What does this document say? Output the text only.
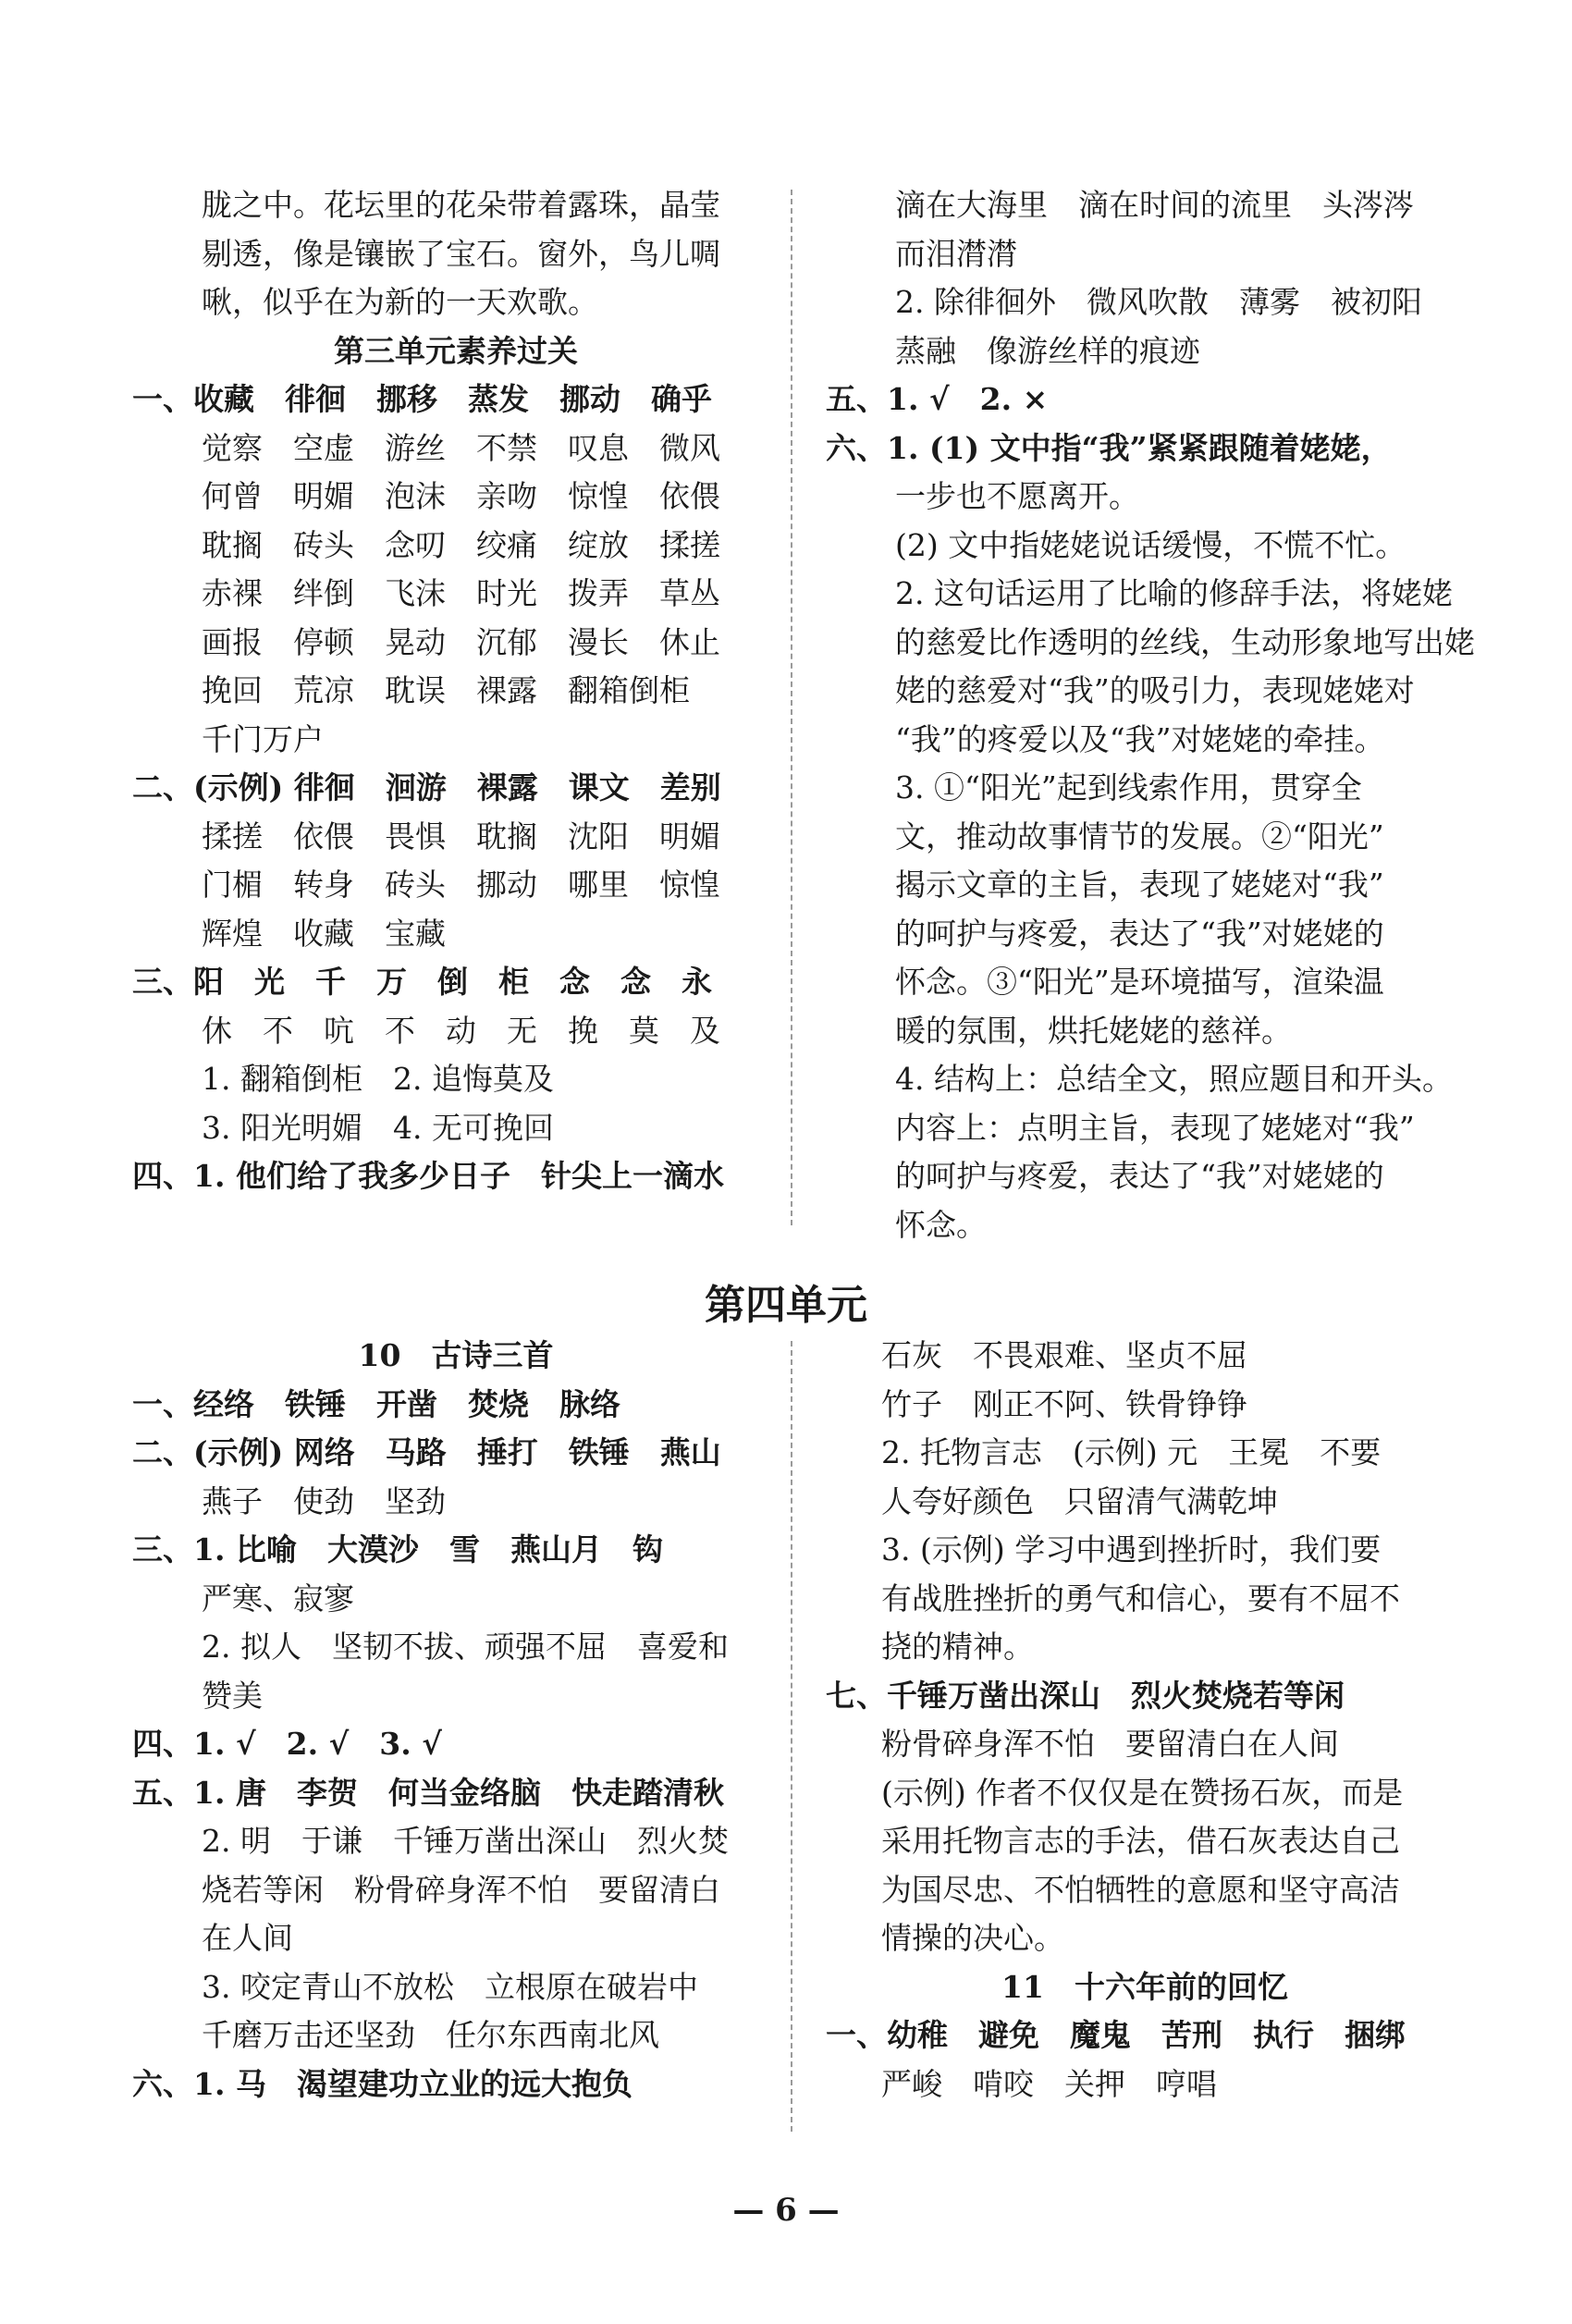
胧之中。花坛里的花朵带着露珠，晶莹
剔透，像是镶嵌了宝石。窗外，鸟儿啁
啾，似乎在为新的一天欢歌。
第三单元素养过关
一、收藏　徘徊　挪移　蒸发　挪动　确乎
觉察　空虚　游丝　不禁　叹息　微风
何曾　明媚　泡沫　亲吻　惊惶　依偎
耽搁　砖头　念叨　绞痛　绽放　揉搓
赤裸　绊倒　飞沫　时光　拨弄　草丛
画报　停顿　晃动　沉郁　漫长　休止
挽回　荒凉　耽误　裸露　翻箱倒柜
千门万户
二、(示例) 徘徊　洄游　裸露　课文　差别
揉搓　依偎　畏惧　耽搁　沈阳　明媚
门楣　转身　砖头　挪动　哪里　惊惶
辉煌　收藏　宝藏
三、阳　光　千　万　倒　柜　念　念　永
休　不　吭　不　动　无　挽　莫　及
1. 翻箱倒柜　2. 追悔莫及
3. 阳光明媚　4. 无可挽回
四、1. 他们给了我多少日子　针尖上一滴水
滴在大海里　滴在时间的流里　头涔涔
而泪潸潸
2. 除徘徊外　微风吹散　薄雾　被初阳
蒸融　像游丝样的痕迹
五、1. √　2. ×
六、1. (1) 文中指“我”紧紧跟随着姥姥，
一步也不愿离开。
(2) 文中指姥姥说话缓慢，不慌不忙。
2. 这句话运用了比喻的修辞手法，将姥姥
的慈爱比作透明的丝线，生动形象地写出姥
姥的慈爱对“我”的吸引力，表现姥姥对
“我”的疼爱以及“我”对姥姥的牵挂。
3. ①“阳光”起到线索作用，贯穿全
文，推动故事情节的发展。②“阳光”
揭示文章的主旨，表现了姥姥对“我”
的呵护与疼爱，表达了“我”对姥姥的
怀念。③“阳光”是环境描写，渲染温
暖的氛围，烘托姥姥的慈祥。
4. 结构上：总结全文，照应题目和开头。
内容上：点明主旨，表现了姥姥对“我”
的呵护与疼爱，表达了“我”对姥姥的
怀念。
第四单元
10　古诗三首
一、经络　铁锤　开凿　焚烧　脉络
二、(示例) 网络　马路　捶打　铁锤　燕山
燕子　使劲　坚劲
三、1. 比喻　大漠沙　雪　燕山月　钩
严寒、寂寥
2. 拟人　坚韧不拔、顽强不屈　喜爱和
赞美
四、1. √　2. √　3. √
五、1. 唐　李贺　何当金络脑　快走踏清秋
2. 明　于谦　千锤万凿出深山　烈火焚
烧若等闲　粉骨碎身浑不怕　要留清白
在人间
3. 咬定青山不放松　立根原在破岩中
千磨万击还坚劲　任尔东西南北风
六、1. 马　渴望建功立业的远大抱负
石灰　不畏艰难、坚贞不屈
竹子　刚正不阿、铁骨铮铮
2. 托物言志　(示例) 元　王冕　不要
人夸好颜色　只留清气满乾坤
3. (示例) 学习中遇到挫折时，我们要
有战胜挫折的勇气和信心，要有不屈不
挠的精神。
七、千锤万凿出深山　烈火焚烧若等闲
粉骨碎身浑不怕　要留清白在人间
(示例) 作者不仅仅是在赞扬石灰，而是
采用托物言志的手法，借石灰表达自己
为国尽忠、不怕牺牲的意愿和坚守高洁
情操的决心。
11　十六年前的回忆
一、幼稚　避免　魔鬼　苦刑　执行　捆绑
严峻　啃咬　关押　哼唱
— 6 —
